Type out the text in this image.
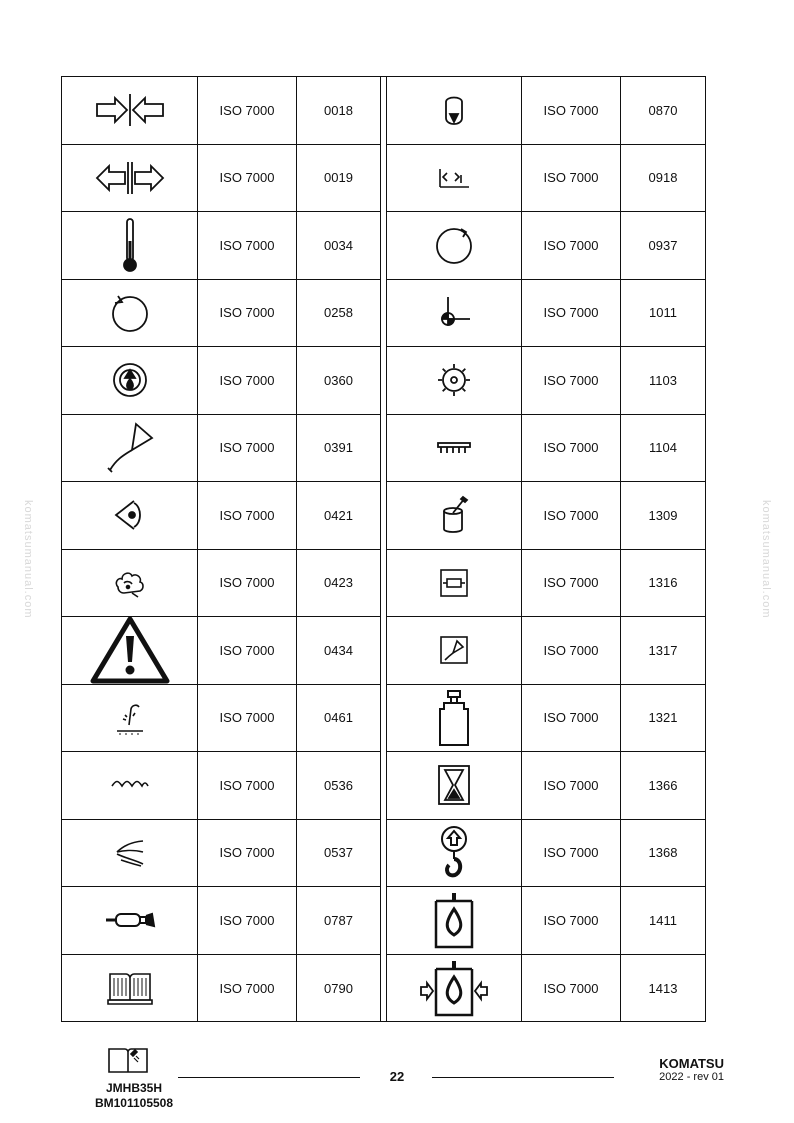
komatsumanual.com	komatsumanual.com
ISO 7000	0018
ISO 7000	0019
ISO 7000	0034
ISO 7000	0258
ISO 7000	0360
ISO 7000	0391
ISO 7000	0421
ISO 7000	0423
ISO 7000	0434
ISO 7000	0461
ISO 7000	0536
ISO 7000	0537
ISO 7000	0787
ISO 7000	0790
ISO 7000	0870
ISO 7000	0918
ISO 7000	0937
ISO 7000	1011
ISO 7000	1103
ISO 7000	1104
ISO 7000	1309
ISO 7000	1316
ISO 7000	1317
ISO 7000	1321
ISO 7000	1366
ISO 7000	1368
ISO 7000	1411
ISO 7000	1413
JMHB35H
BM101105508
22
KOMATSU
2022 - rev 01
